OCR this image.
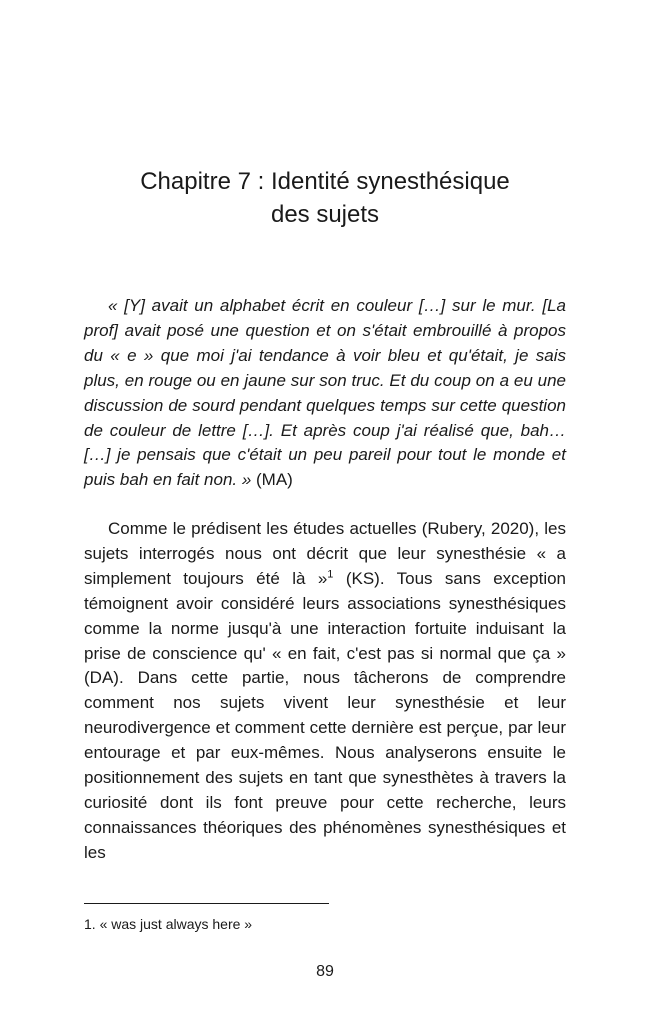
Chapitre 7 : Identité synesthésique
des sujets

« [Y] avait un alphabet écrit en couleur […] sur le mur. [La prof] avait posé une question et on s'était embrouillé à propos du « e » que moi j'ai tendance à voir bleu et qu'était, je sais plus, en rouge ou en jaune sur son truc. Et du coup on a eu une discussion de sourd pendant quelques temps sur cette question de couleur de lettre […]. Et après coup j'ai réalisé que, bah… […] je pensais que c'était un peu pareil pour tout le monde et puis bah en fait non. » (MA)

Comme le prédisent les études actuelles (Rubery, 2020), les sujets interrogés nous ont décrit que leur synesthésie « a simplement toujours été là »$^1$ (KS). Tous sans exception témoignent avoir considéré leurs associations synesthésiques comme la norme jusqu'à une interaction fortuite induisant la prise de conscience qu' « en fait, c'est pas si normal que ça » (DA). Dans cette partie, nous tâcherons de comprendre comment nos sujets vivent leur synesthésie et leur neurodivergence et comment cette dernière est perçue, par leur entourage et par eux-mêmes. Nous analyserons ensuite le positionnement des sujets en tant que synesthètes à travers la curiosité dont ils font preuve pour cette recherche, leurs connaissances théoriques des phénomènes synesthésiques et les

1. « was just always here »

89
